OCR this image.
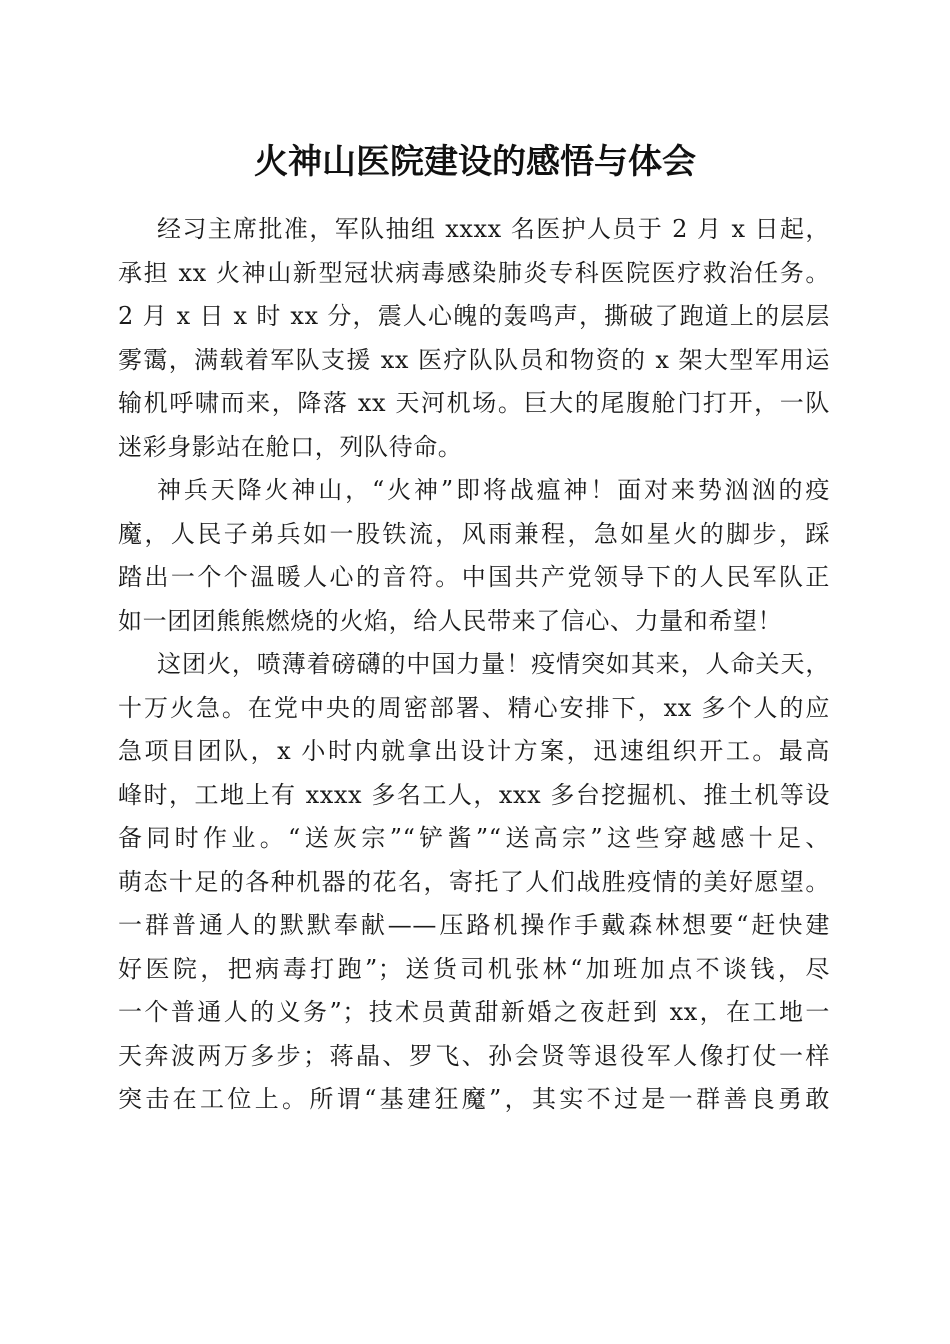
火神山医院建设的感悟与体会
经习主席批准，军队抽组 xxxx 名医护人员于 2 月 x 日起，
承担 xx 火神山新型冠状病毒感染肺炎专科医院医疗救治任务。
2 月 x 日 x 时 xx 分，震人心魄的轰鸣声，撕破了跑道上的层层
雾霭，满载着军队支援 xx 医疗队队员和物资的 x 架大型军用运
输机呼啸而来，降落 xx 天河机场。巨大的尾腹舱门打开，一队
迷彩身影站在舱口，列队待命。
神兵天降火神山，“火神”即将战瘟神！面对来势汹汹的疫
魔，人民子弟兵如一股铁流，风雨兼程，急如星火的脚步，踩
踏出一个个温暖人心的音符。中国共产党领导下的人民军队正
如一团团熊熊燃烧的火焰，给人民带来了信心、力量和希望！
这团火，喷薄着磅礴的中国力量！疫情突如其来，人命关天，
十万火急。在党中央的周密部署、精心安排下，xx 多个人的应
急项目团队，x 小时内就拿出设计方案，迅速组织开工。最高
峰时，工地上有 xxxx 多名工人，xxx 多台挖掘机、推土机等设
备同时作业。“送灰宗”“铲酱”“送高宗”这些穿越感十足、
萌态十足的各种机器的花名，寄托了人们战胜疫情的美好愿望。
一群普通人的默默奉献——压路机操作手戴森林想要“赶快建
好医院，把病毒打跑”；送货司机张林“加班加点不谈钱，尽
一个普通人的义务”；技术员黄甜新婚之夜赶到 xx，在工地一
天奔波两万多步；蒋晶、罗飞、孙会贤等退役军人像打仗一样
突击在工位上。所谓“基建狂魔”，其实不过是一群善良勇敢
